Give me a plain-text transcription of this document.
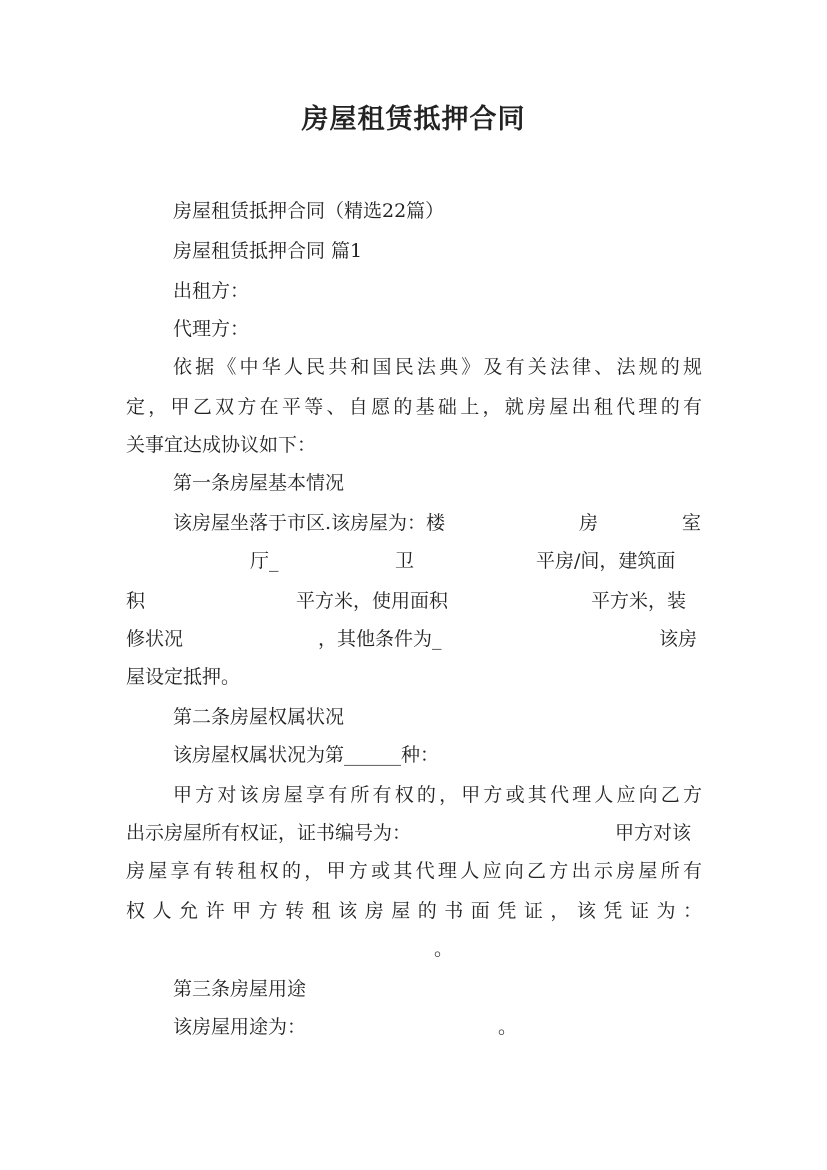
房屋租赁抵押合同
房屋租赁抵押合同（精选22篇）
房屋租赁抵押合同 篇1
出租方：
代理方：
依据《中华人民共和国民法典》及有关法律、法规的规
定，甲乙双方在平等、自愿的基础上，就房屋出租代理的有
关事宜达成协议如下：
第一条房屋基本情况

该房屋坐落于市区.该房屋为：楼

	房

	室

厅_

	卫

	平房/间，建筑面

积

	平方米，使用面积

	平方米，装

修状况

	，其他条件为_

	该房

屋设定抵押。
第二条房屋权属状况
该房屋权属状况为第______种：
甲方对该房屋享有所有权的，甲方或其代理人应向乙方

出示房屋所有权证，证书编号为：

	甲方对该

房屋享有转租权的，甲方或其代理人应向乙方出示房屋所有
权人允许甲方转租该房屋的书面凭证，该凭证为：

。

第三条房屋用途

该房屋用途为：

	。
